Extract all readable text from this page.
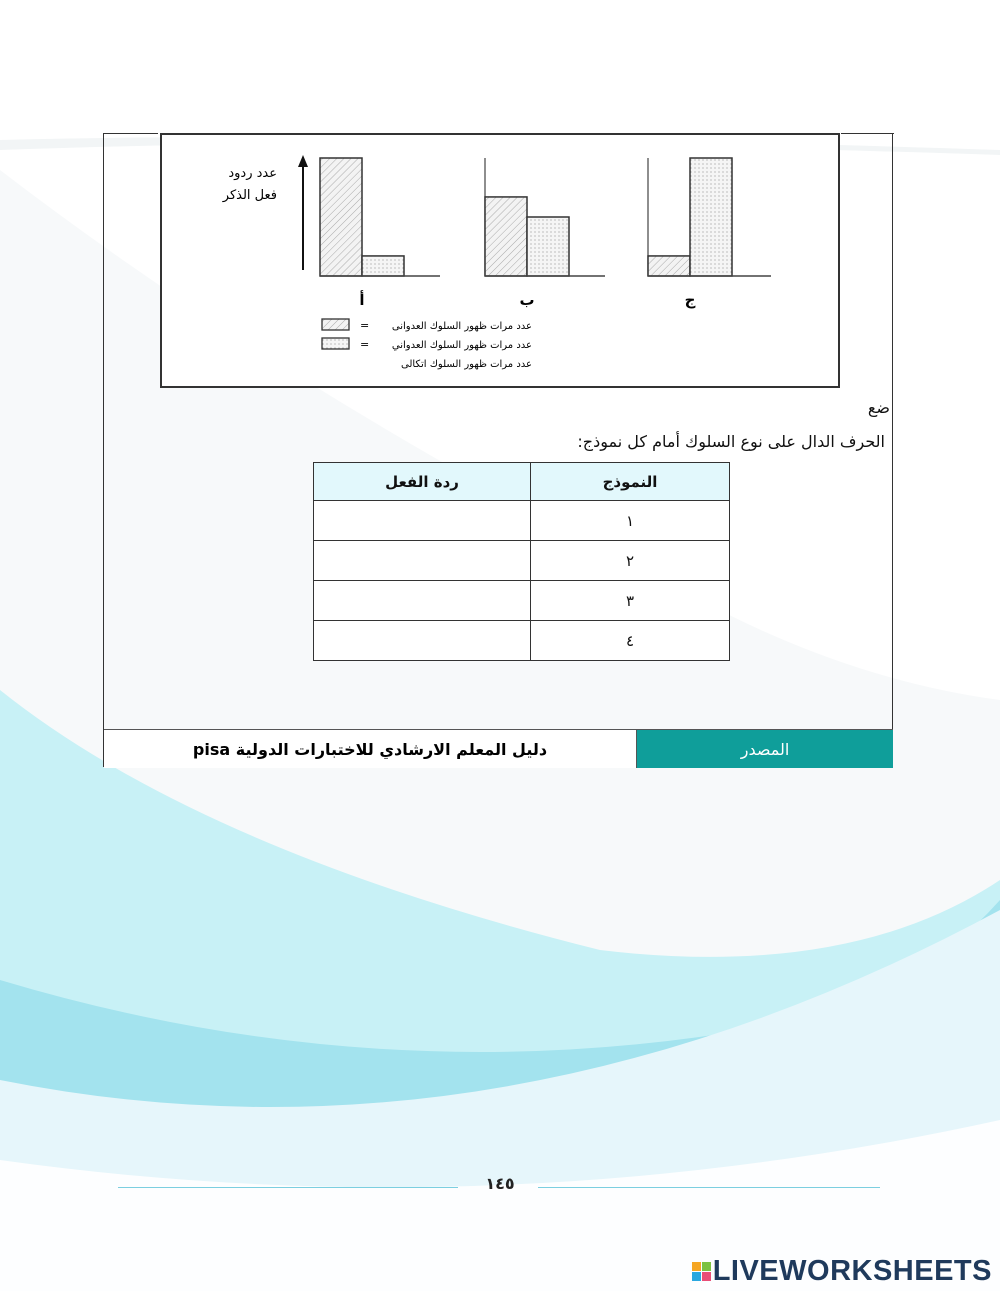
عدد ردود
فعل الذكر
أ	ب	ج
= عدد مرات ظهور السلوك العدوانى
= عدد مرات ظهور السلوك العدواني
عدد مرات ظهور السلوك اتكالى
ضع
الحرف الدال على نوع السلوك أمام كل نموذج:
النموذج	ردة الفعل
١	
٢	
٣	
٤	
المصدر
دليل المعلم الارشادي للاختبارات الدولية pisa
١٤٥
LIVEWORKSHEETS
